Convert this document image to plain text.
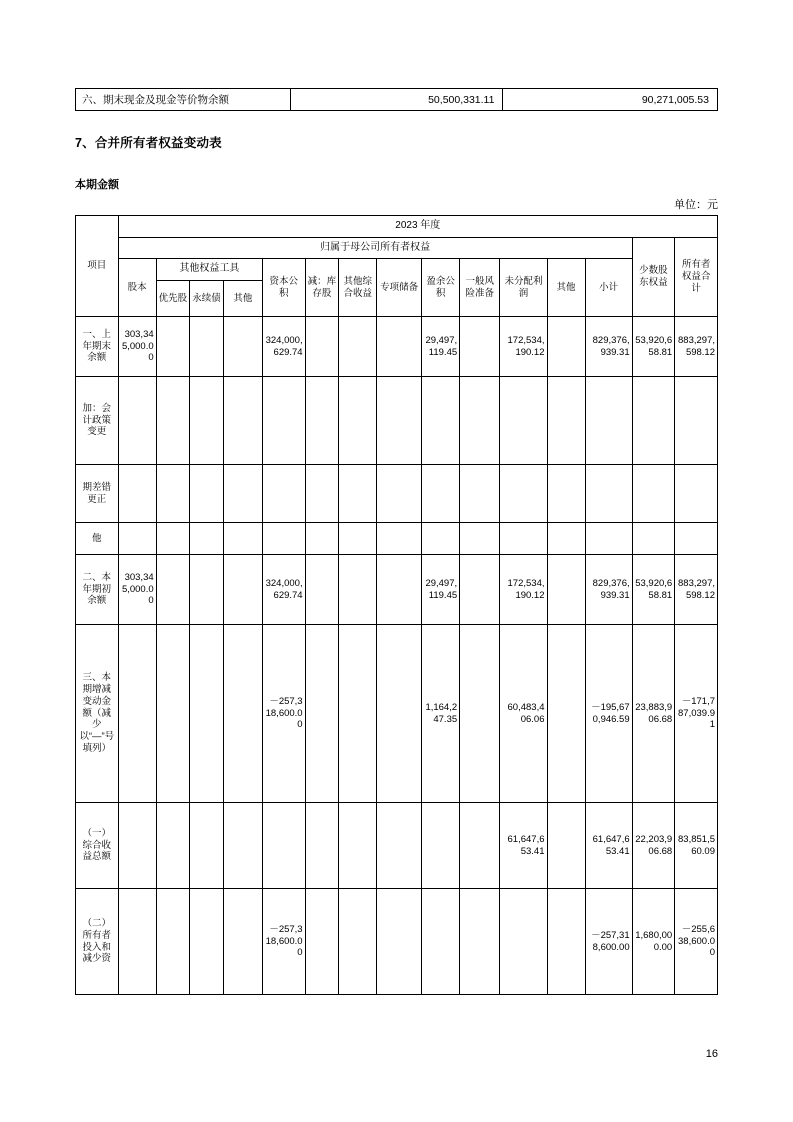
六、期末现金及现金等价物余额	50,500,331.11	90,271,005.53
7、合并所有者权益变动表
本期金额
单位：元
项目	2023 年度														
	归属于母公司所有者权益													少数股东权益	所有者权益合计
	股本	其他权益工具			资本公积	减：库存股	其他综合收益	专项储备	盈余公积	一般风险准备	未分配利润	其他	小计		
		优先股	永续债	其他											
一、上年期末余额	303,345,000.00				324,000,629.74				29,497,119.45		172,534,190.12		829,376,939.31	53,920,658.81	883,297,598.12
加：会计政策变更															
期差错更正															
他															
二、本年期初余额	303,345,000.00				324,000,629.74				29,497,119.45		172,534,190.12		829,376,939.31	53,920,658.81	883,297,598.12
三、本期增减变动金额（减少以“—”号填列）					－257,318,600.00				1,164,247.35		60,483,406.06		－195,670,946.59	23,883,906.68	－171,787,039.91
（一）综合收益总额											61,647,653.41		61,647,653.41	22,203,906.68	83,851,560.09
（二）所有者投入和减少资					－257,318,600.00								－257,318,600.00	1,680,000.00	－255,638,600.00
16
